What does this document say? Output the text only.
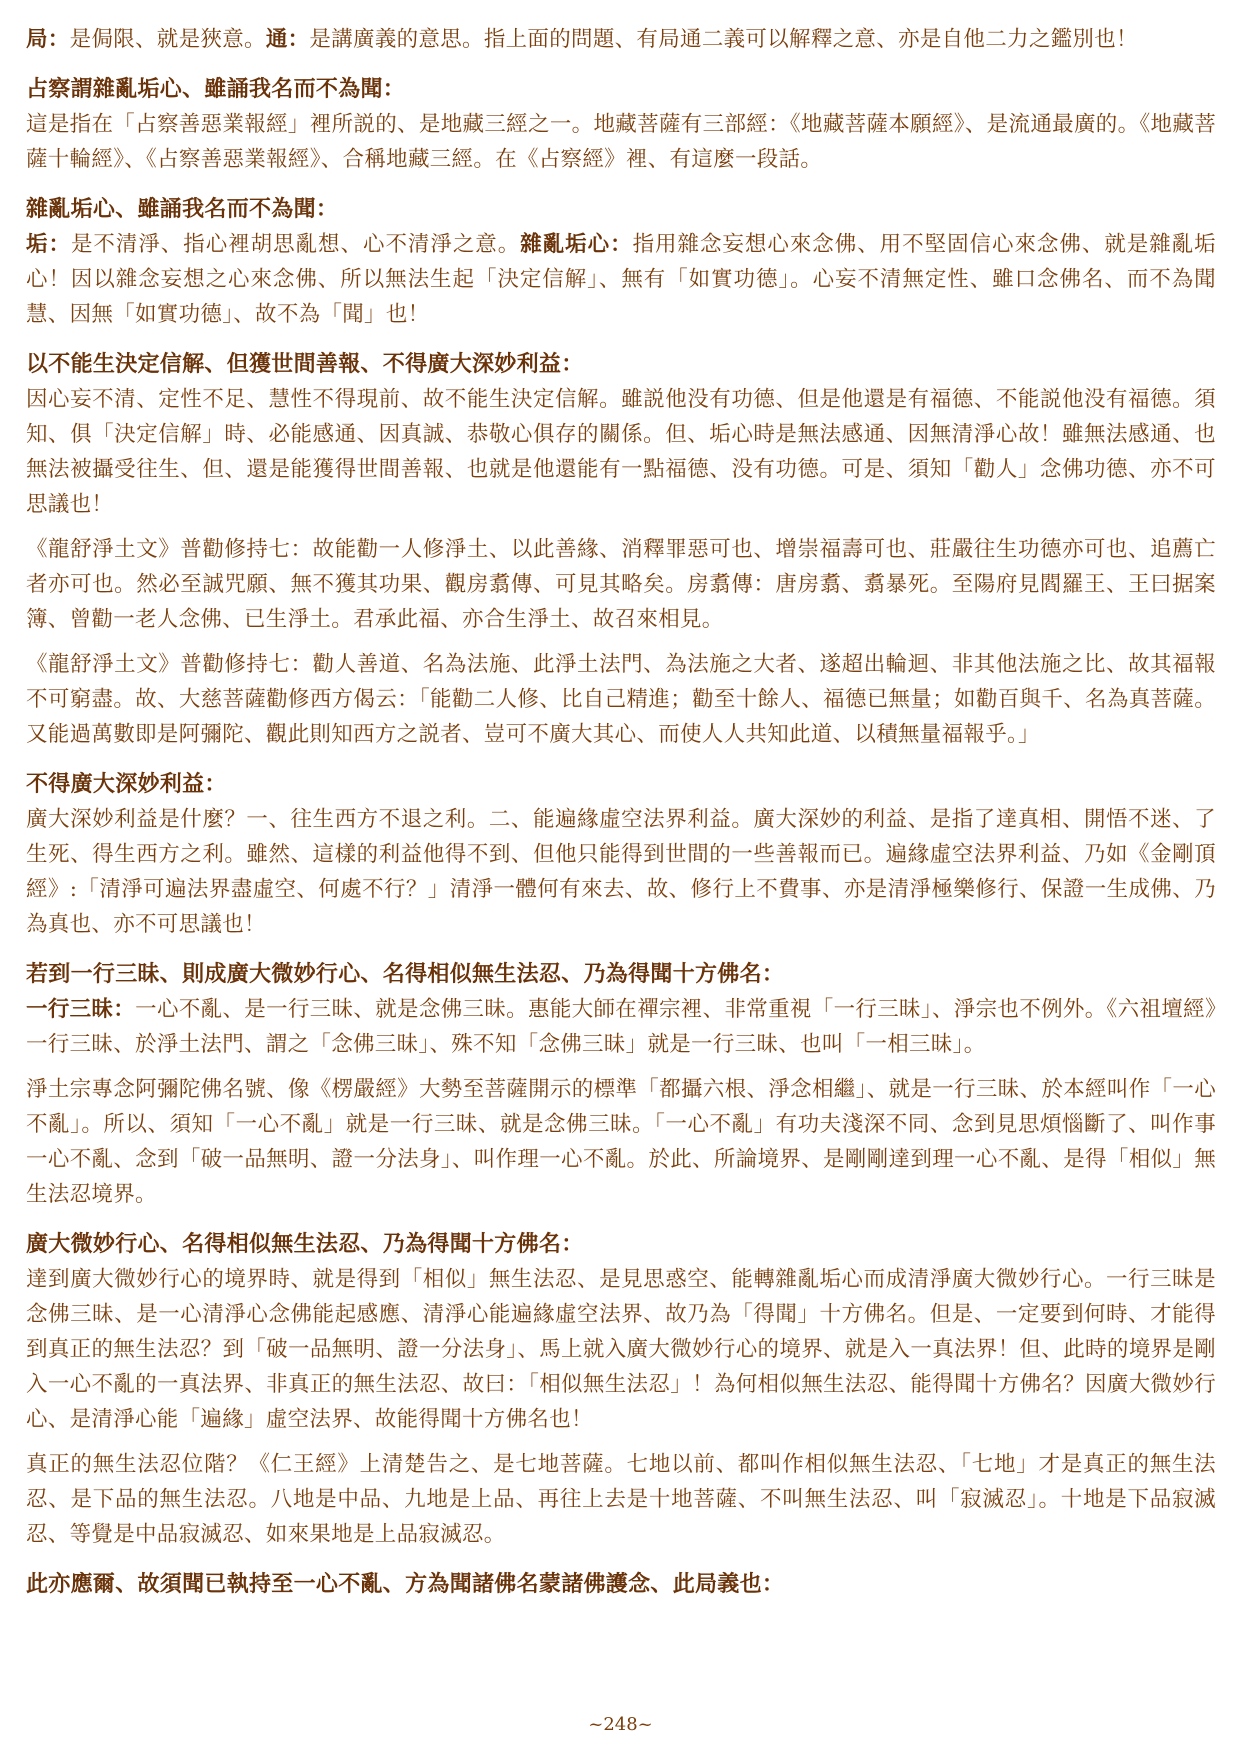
局：是侷限、就是狹意。通：是講廣義的意思。指上面的問題、有局通二義可以解釋之意、亦是自他二力之鑑別也！

占察謂雜亂垢心、雖誦我名而不為聞：

這是指在「占察善惡業報經」裡所説的、是地藏三經之一。地藏菩薩有三部經：《地藏菩薩本願經》、是流通最廣的。《地藏菩薩十輪經》、《占察善惡業報經》、合稱地藏三經。在《占察經》裡、有這麼一段話。

雜亂垢心、雖誦我名而不為聞：

垢：是不清淨、指心裡胡思亂想、心不清淨之意。雜亂垢心：指用雜念妄想心來念佛、用不堅固信心來念佛、就是雜亂垢心！因以雜念妄想之心來念佛、所以無法生起「決定信解」、無有「如實功德」。心妄不清無定性、雖口念佛名、而不為聞慧、因無「如實功德」、故不為「聞」也！

以不能生決定信解、但獲世間善報、不得廣大深妙利益：

因心妄不清、定性不足、慧性不得現前、故不能生決定信解。雖説他没有功德、但是他還是有福德、不能説他没有福德。須知、俱「決定信解」時、必能感通、因真誠、恭敬心俱存的關係。但、垢心時是無法感通、因無清淨心故！雖無法感通、也無法被攝受往生、但、還是能獲得世間善報、也就是他還能有一點福德、没有功德。可是、須知「勸人」念佛功德、亦不可思議也！

《龍舒淨土文》普勸修持七：故能勸一人修淨土、以此善緣、消釋罪惡可也、增崇福壽可也、莊嚴往生功德亦可也、追薦亡者亦可也。然必至誠咒願、無不獲其功果、觀房翥傳、可見其略矣。房翥傳：唐房翥、翥暴死。至陽府見閻羅王、王曰据案簿、曾勸一老人念佛、已生淨土。君承此福、亦合生淨土、故召來相見。

《龍舒淨土文》普勸修持七：勸人善道、名為法施、此淨土法門、為法施之大者、遂超出輪迴、非其他法施之比、故其福報不可窮盡。故、大慈菩薩勸修西方偈云：「能勸二人修、比自己精進；勸至十餘人、福德已無量；如勸百與千、名為真菩薩。又能過萬數即是阿彌陀、觀此則知西方之説者、豈可不廣大其心、而使人人共知此道、以積無量福報乎。」

不得廣大深妙利益：

廣大深妙利益是什麼？一、往生西方不退之利。二、能遍緣虛空法界利益。廣大深妙的利益、是指了達真相、開悟不迷、了生死、得生西方之利。雖然、這樣的利益他得不到、但他只能得到世間的一些善報而已。遍緣虛空法界利益、乃如《金剛頂經》:「清淨可遍法界盡虛空、何處不行？」清淨一體何有來去、故、修行上不費事、亦是清淨極樂修行、保證一生成佛、乃為真也、亦不可思議也！

若到一行三昧、則成廣大微妙行心、名得相似無生法忍、乃為得聞十方佛名：

一行三昧：一心不亂、是一行三昧、就是念佛三昧。惠能大師在禪宗裡、非常重視「一行三昧」、淨宗也不例外。《六祖壇經》一行三昧、於淨土法門、謂之「念佛三昧」、殊不知「念佛三昧」就是一行三昧、也叫「一相三昧」。

淨土宗專念阿彌陀佛名號、像《楞嚴經》大勢至菩薩開示的標準「都攝六根、淨念相繼」、就是一行三昧、於本經叫作「一心不亂」。所以、須知「一心不亂」就是一行三昧、就是念佛三昧。「一心不亂」有功夫淺深不同、念到見思煩惱斷了、叫作事一心不亂、念到「破一品無明、證一分法身」、叫作理一心不亂。於此、所論境界、是剛剛達到理一心不亂、是得「相似」無生法忍境界。

廣大微妙行心、名得相似無生法忍、乃為得聞十方佛名：

達到廣大微妙行心的境界時、就是得到「相似」無生法忍、是見思惑空、能轉雜亂垢心而成清淨廣大微妙行心。一行三昧是念佛三昧、是一心清淨心念佛能起感應、清淨心能遍緣虛空法界、故乃為「得聞」十方佛名。但是、一定要到何時、才能得到真正的無生法忍？到「破一品無明、證一分法身」、馬上就入廣大微妙行心的境界、就是入一真法界！但、此時的境界是剛入一心不亂的一真法界、非真正的無生法忍、故曰：「相似無生法忍」！為何相似無生法忍、能得聞十方佛名？因廣大微妙行心、是清淨心能「遍緣」虛空法界、故能得聞十方佛名也！

真正的無生法忍位階？《仁王經》上清楚告之、是七地菩薩。七地以前、都叫作相似無生法忍、「七地」才是真正的無生法忍、是下品的無生法忍。八地是中品、九地是上品、再往上去是十地菩薩、不叫無生法忍、叫「寂滅忍」。十地是下品寂滅忍、等覺是中品寂滅忍、如來果地是上品寂滅忍。

此亦應爾、故須聞已執持至一心不亂、方為聞諸佛名蒙諸佛護念、此局義也：
~248~
